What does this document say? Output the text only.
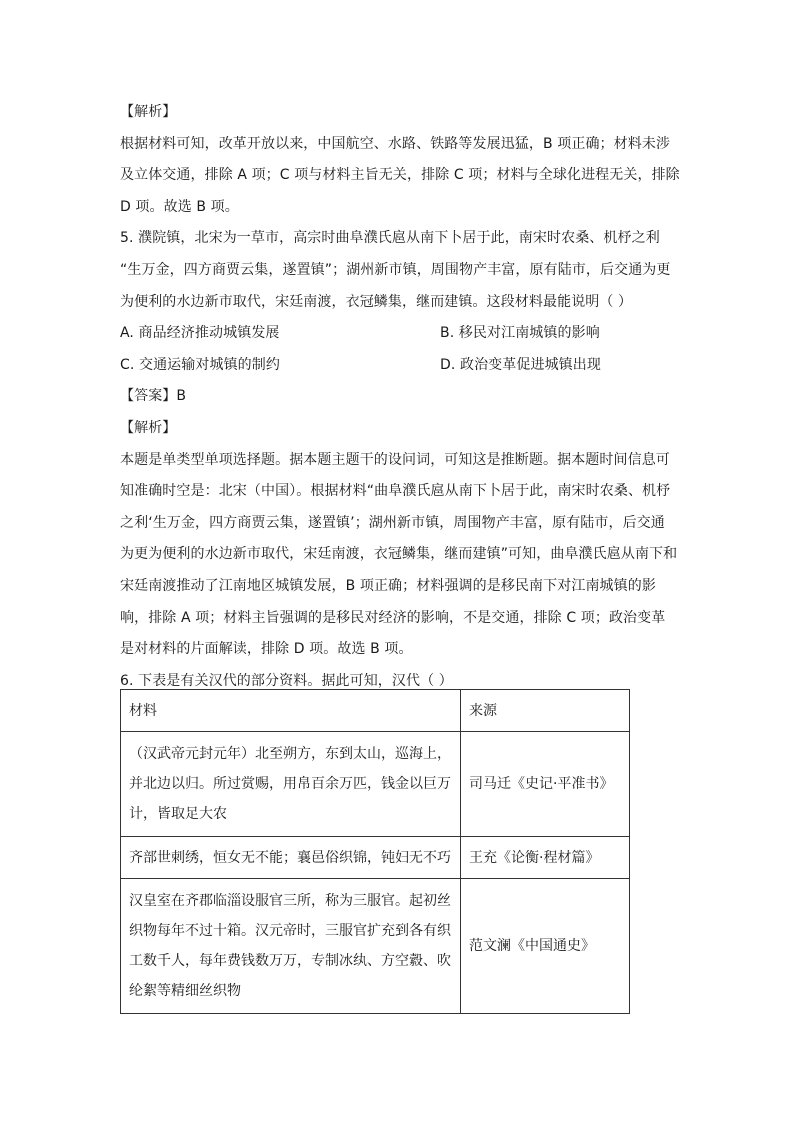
【解析】
根据材料可知，改革开放以来，中国航空、水路、铁路等发展迅猛，B 项正确；材料未涉
及立体交通，排除 A 项；C 项与材料主旨无关，排除 C 项；材料与全球化进程无关，排除
D 项。故选 B 项。
5. 濮院镇，北宋为一草市，高宗时曲阜濮氏扈从南下卜居于此，南宋时农桑、机杼之利
“生万金，四方商贾云集，遂置镇”；湖州新市镇，周围物产丰富，原有陆市，后交通为更
为便利的水边新市取代，宋廷南渡，衣冠鳞集，继而建镇。这段材料最能说明（ ）
A. 商品经济推动城镇发展	B. 移民对江南城镇的影响
C. 交通运输对城镇的制约	D. 政治变革促进城镇出现
【答案】B
【解析】
本题是单类型单项选择题。据本题主题干的设问词，可知这是推断题。据本题时间信息可
知准确时空是：北宋（中国）。根据材料“曲阜濮氏扈从南下卜居于此，南宋时农桑、机杼
之利‘生万金，四方商贾云集，遂置镇’；湖州新市镇，周围物产丰富，原有陆市，后交通
为更为便利的水边新市取代，宋廷南渡，衣冠鳞集，继而建镇”可知，曲阜濮氏扈从南下和
宋廷南渡推动了江南地区城镇发展，B 项正确；材料强调的是移民南下对江南城镇的影
响，排除 A 项；材料主旨强调的是移民对经济的影响，不是交通，排除 C 项；政治变革
是对材料的片面解读，排除 D 项。故选 B 项。
6. 下表是有关汉代的部分资料。据此可知，汉代（ ）
材料	来源

（汉武帝元封元年）北至朔方，东到太山，巡海上，
并北边以归。所过赏赐，用帛百余万匹，钱金以巨万
计，皆取足大农	司马迁《史记·平准书》

齐部世刺绣，恒女无不能；襄邑俗织锦，钝妇无不巧	王充《论衡·程材篇》

汉皇室在齐郡临淄设服官三所，称为三服官。起初丝
织物每年不过十箱。汉元帝时，三服官扩充到各有织
工数千人，每年费钱数万万，专制冰纨、方空縠、吹
纶絮等精细丝织物	范文澜《中国通史》
